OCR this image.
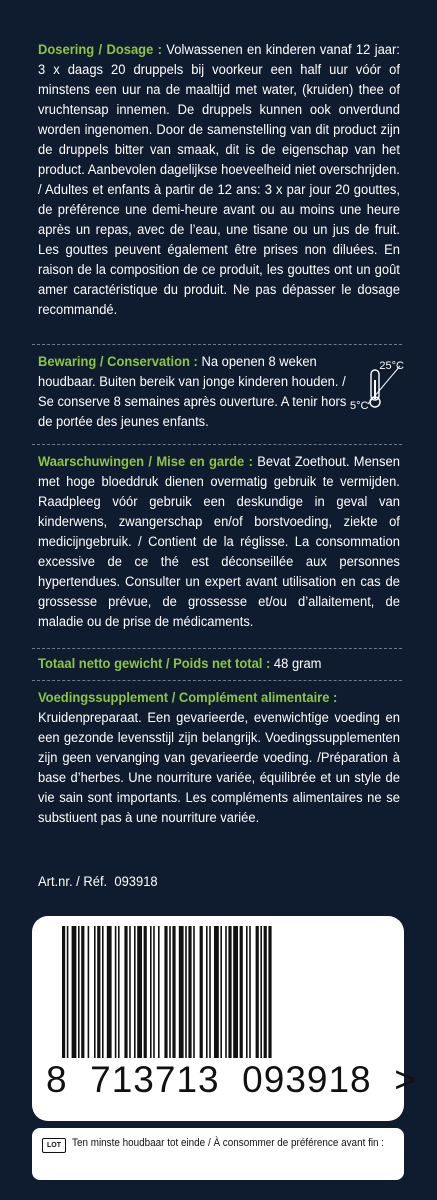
Dosering / Dosage : Volwassenen en kinderen vanaf 12 jaar: 3 x daags 20 druppels bij voorkeur een half uur vóór of minstens een uur na de maaltijd met water, (kruiden) thee of vruchtensap innemen. De druppels kunnen ook onverdund worden ingenomen. Door de samenstelling van dit product zijn de druppels bitter van smaak, dit is de eigenschap van het product. Aanbevolen dagelijkse hoeveelheid niet overschrijden. / Adultes et enfants à partir de 12 ans: 3 x par jour 20 gouttes, de préférence une demi-heure avant ou au moins une heure après un repas, avec de l’eau, une tisane ou un jus de fruit. Les gouttes peuvent également être prises non diluées. En raison de la composition de ce produit, les gouttes ont un goût amer caractéristique du produit. Ne pas dépasser le dosage recommandé.
Bewaring / Conservation : Na openen 8 weken houdbaar. Buiten bereik van jonge kinderen houden. / Se conserve 8 semaines après ouverture. A tenir hors de portée des jeunes enfants.
25°C
5°C
Waarschuwingen / Mise en garde : Bevat Zoethout. Mensen met hoge bloeddruk dienen overmatig gebruik te vermijden. Raadpleeg vóór gebruik een deskundige in geval van kinderwens, zwangerschap en/of borstvoeding, ziekte of medicijngebruik. / Contient de la réglisse. La consommation excessive de ce thé est déconseillée aux personnes hypertendues. Consulter un expert avant utilisation en cas de grossesse prévue, de grossesse et/ou d’allaitement, de maladie ou de prise de médicaments.
Totaal netto gewicht / Poids net total : 48 gram
Voedingssupplement / Complément alimentaire :
Kruidenpreparaat. Een gevarieerde, evenwichtige voeding en een gezonde levensstijl zijn belangrijk. Voedingssupplementen zijn geen vervanging van gevarieerde voeding. /Préparation à base d’herbes. Une nourriture variée, équilibrée et un style de vie sain sont importants. Les compléments alimentaires ne se substiuent pas à une nourriture variée.
Art.nr. / Réf. 093918
8  713713  093918  >
LOT	Ten minste houdbaar tot einde / À consommer de préférence avant fin :
